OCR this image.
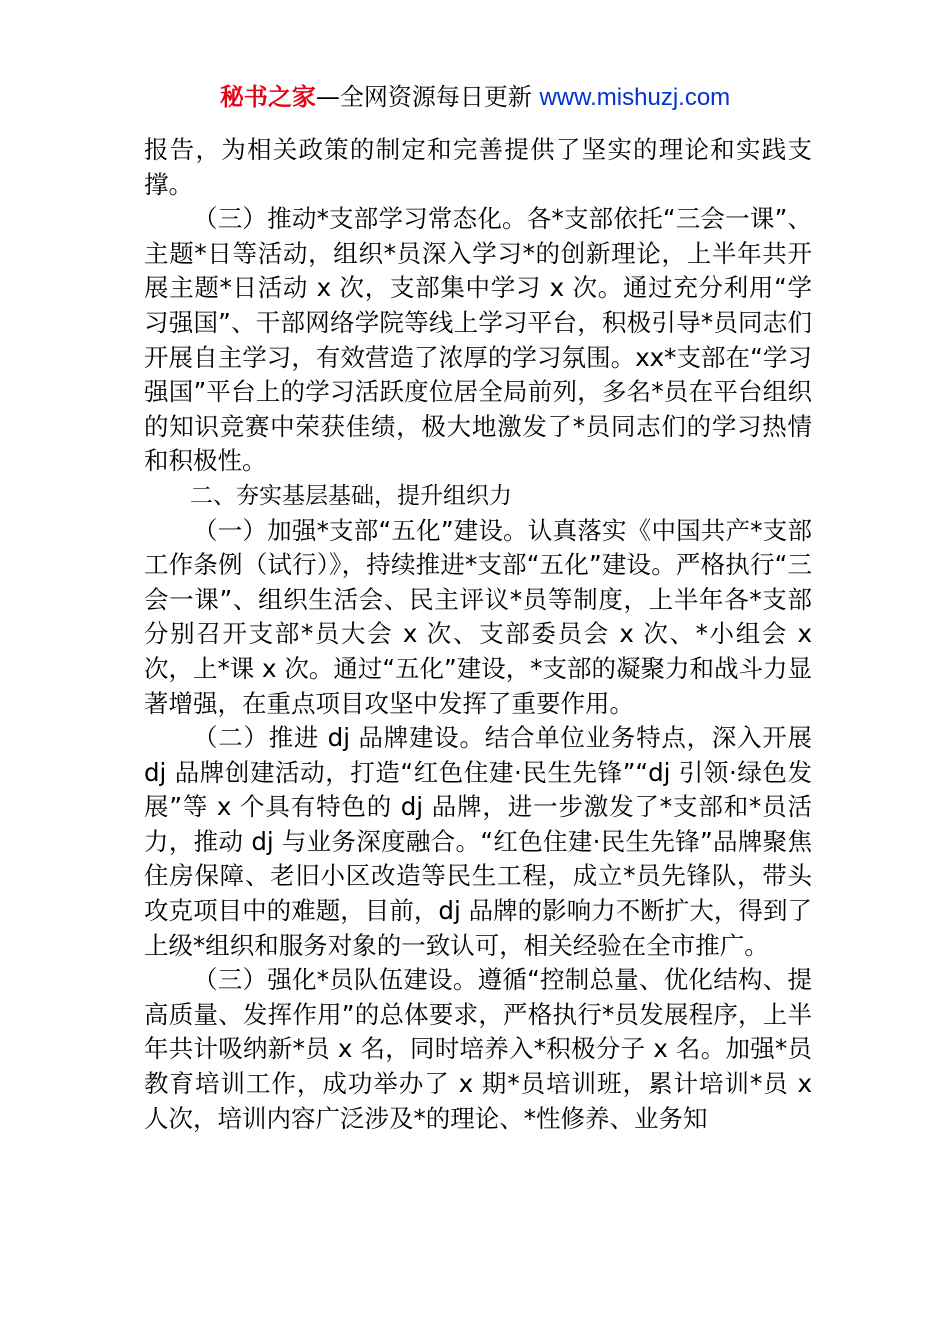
秘书之家—全网资源每日更新 www.mishuzj.com

报告，为相关政策的制定和完善提供了坚实的理论和实践支撑。

（三）推动*支部学习常态化。各*支部依托“三会一课”、主题*日等活动，组织*员深入学习*的创新理论，上半年共开展主题*日活动 x 次，支部集中学习 x 次。通过充分利用“学习强国”、干部网络学院等线上学习平台，积极引导*员同志们开展自主学习，有效营造了浓厚的学习氛围。xx*支部在“学习强国”平台上的学习活跃度位居全局前列，多名*员在平台组织的知识竞赛中荣获佳绩，极大地激发了*员同志们的学习热情和积极性。

二、夯实基层基础，提升组织力

（一）加强*支部“五化”建设。认真落实《中国共产*支部工作条例（试行）》，持续推进*支部“五化”建设。严格执行“三会一课”、组织生活会、民主评议*员等制度，上半年各*支部分别召开支部*员大会 x 次、支部委员会 x 次、*小组会 x 次，上*课 x 次。通过“五化”建设，*支部的凝聚力和战斗力显著增强，在重点项目攻坚中发挥了重要作用。

（二）推进 dj 品牌建设。结合单位业务特点，深入开展 dj 品牌创建活动，打造“红色住建·民生先锋”“dj 引领·绿色发展”等 x 个具有特色的 dj 品牌，进一步激发了*支部和*员活力，推动 dj 与业务深度融合。“红色住建·民生先锋”品牌聚焦住房保障、老旧小区改造等民生工程，成立*员先锋队，带头攻克项目中的难题，目前，dj 品牌的影响力不断扩大，得到了上级*组织和服务对象的一致认可，相关经验在全市推广。

（三）强化*员队伍建设。遵循“控制总量、优化结构、提高质量、发挥作用”的总体要求，严格执行*员发展程序，上半年共计吸纳新*员 x 名，同时培养入*积极分子 x 名。加强*员教育培训工作，成功举办了 x 期*员培训班，累计培训*员 x 人次，培训内容广泛涉及*的理论、*性修养、业务知
